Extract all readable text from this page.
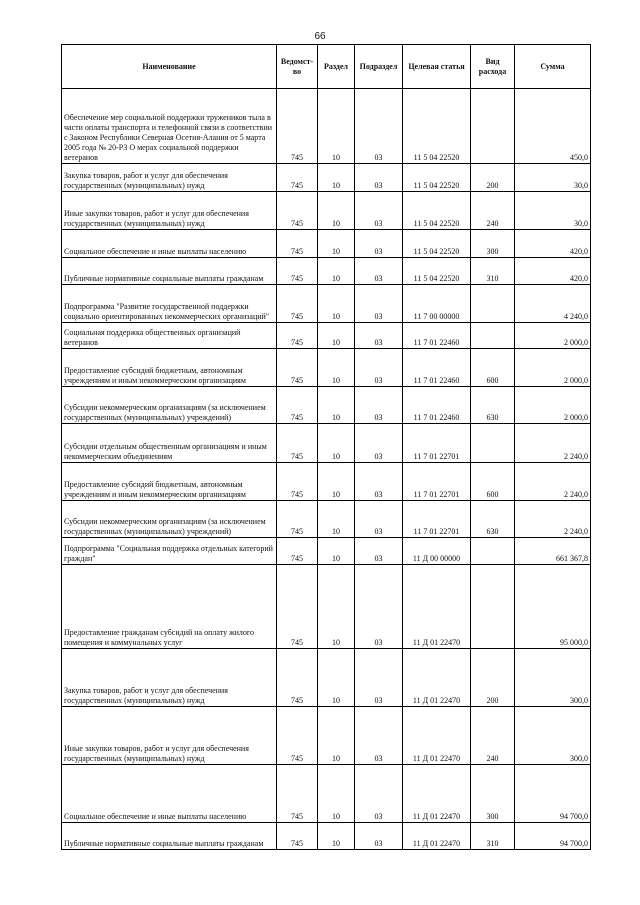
66
Наименование	Ведомст-во	Раздел	Подраздел	Целевая статья	Вид расхода	Сумма
Обеспечение мер социальной поддержки тружеников тыла в части оплаты транспорта и телефонной связи в соответствии с Законом Республики Северная Осетия-Алания от 5 марта 2005 года № 20-РЗ О мерах социальной поддержки ветеранов	745	10	03	11 5 04 22520		450,0
Закупка товаров, работ и услуг для обеспечения государственных (муниципальных) нужд	745	10	03	11 5 04 22520	200	30,0
Иные закупки товаров, работ и услуг для обеспечения государственных (муниципальных) нужд	745	10	03	11 5 04 22520	240	30,0
Социальное обеспечение и иные выплаты населению	745	10	03	11 5 04 22520	300	420,0
Публичные нормативные социальные выплаты гражданам	745	10	03	11 5 04 22520	310	420,0
Подпрограмма "Развитие государственной поддержки социально ориентированных некоммерческих организаций"	745	10	03	11 7 00 00000		4 240,0
Социальная поддержка общественных организаций ветеранов	745	10	03	11 7 01 22460		2 000,0
Предоставление субсидий бюджетным, автономным учреждениям и иным некоммерческим организациям	745	10	03	11 7 01 22460	600	2 000,0
Субсидии некоммерческим организациям (за исключением государственных (муниципальных) учреждений)	745	10	03	11 7 01 22460	630	2 000,0
Субсидии отдельным общественным организациям и иным некоммерческим объединениям	745	10	03	11 7 01 22701		2 240,0
Предоставление субсидий бюджетным, автономным учреждениям и иным некоммерческим организациям	745	10	03	11 7 01 22701	600	2 240,0
Субсидии некоммерческим организациям (за исключением государственных (муниципальных) учреждений)	745	10	03	11 7 01 22701	630	2 240,0
Подпрограмма "Социальная поддержка отдельных категорий граждан"	745	10	03	11 Д 00 00000		661 367,8
Предоставление гражданам субсидий на оплату жилого помещения и коммунальных услуг	745	10	03	11 Д 01 22470		95 000,0
Закупка товаров, работ и услуг для обеспечения государственных (муниципальных) нужд	745	10	03	11 Д 01 22470	200	300,0
Иные закупки товаров, работ и услуг для обеспечения государственных (муниципальных) нужд	745	10	03	11 Д 01 22470	240	300,0
Социальное обеспечение и иные выплаты населению	745	10	03	11 Д 01 22470	300	94 700,0
Публичные нормативные социальные выплаты гражданам	745	10	03	11 Д 01 22470	310	94 700,0
